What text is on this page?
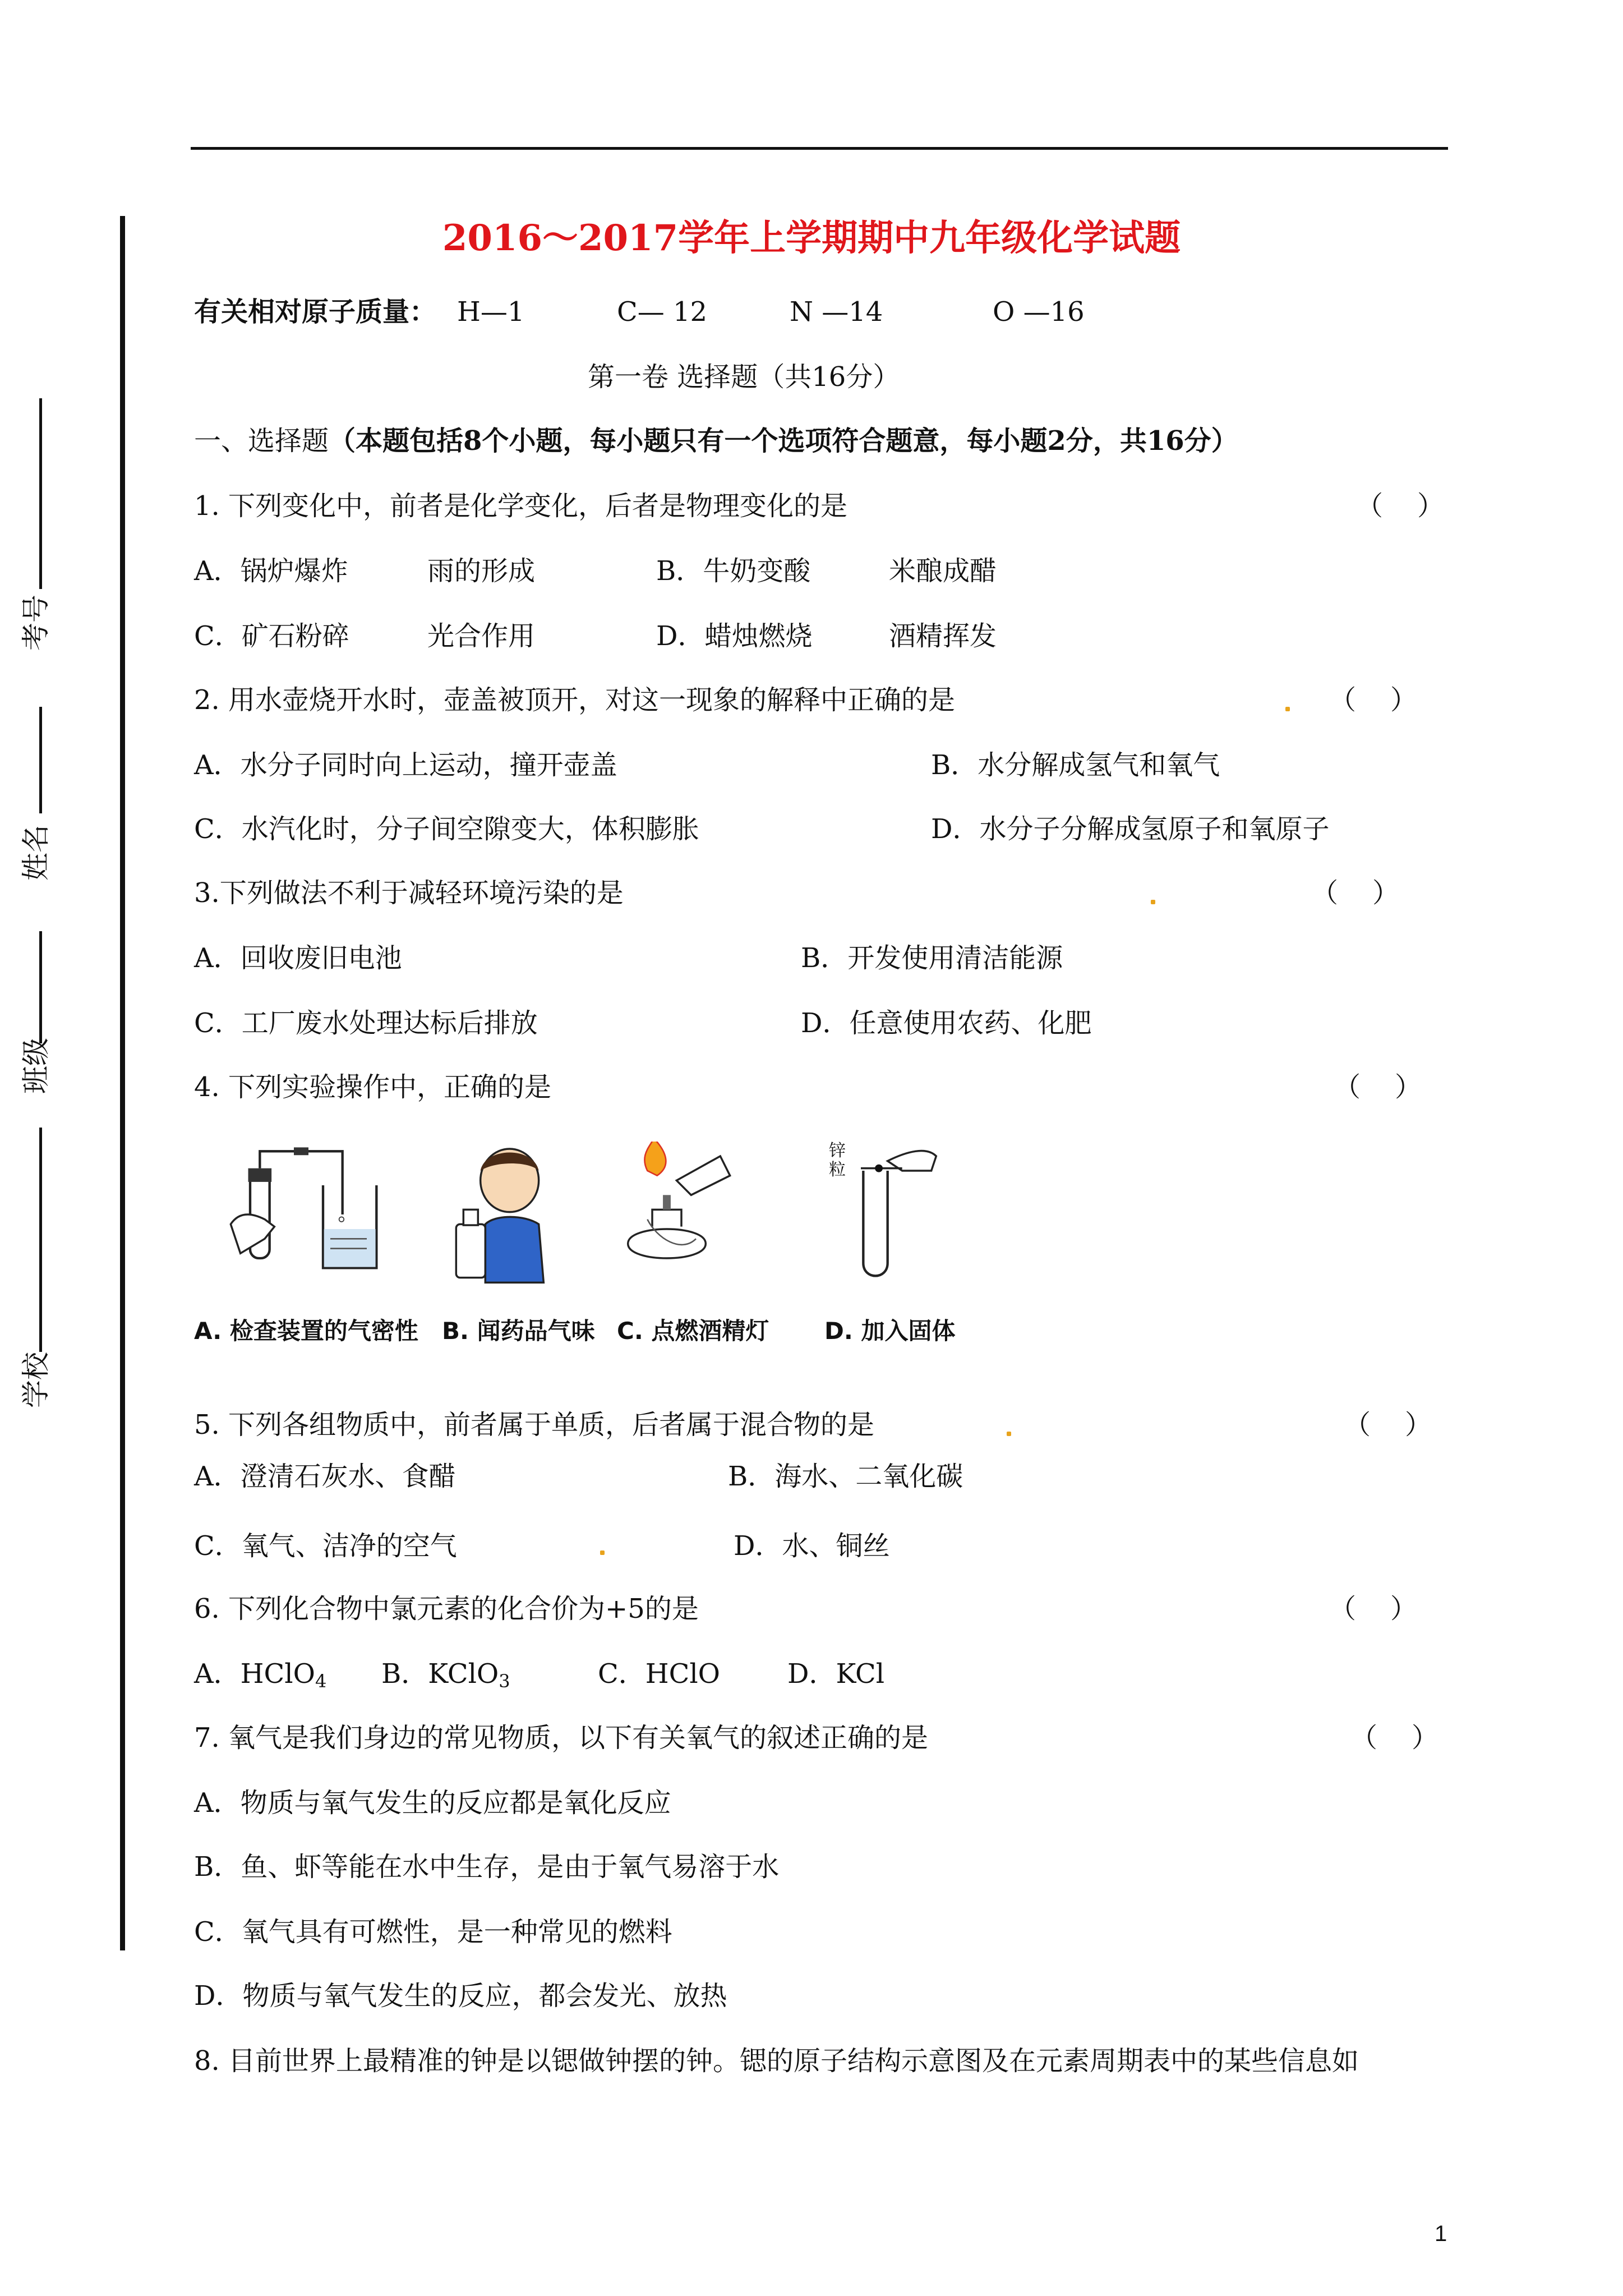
考号
姓名
班级
学校
2016～2017学年上学期期中九年级化学试题
有关相对原子质量： H—1	C— 12	N —14	O —16
第一卷 选择题（共16分）
一、选择题（本题包括8个小题，每小题只有一个选项符合题意，每小题2分，共16分）
1. 下列变化中，前者是化学变化，后者是物理变化的是	（    ）
A．锅炉爆炸	雨的形成	B．牛奶变酸	米酿成醋
C．矿石粉碎	光合作用	D．蜡烛燃烧	酒精挥发
2. 用水壶烧开水时，壶盖被顶开，对这一现象的解释中正确的是	（    ）
A．水分子同时向上运动，撞开壶盖	B．水分解成氢气和氧气
C．水汽化时，分子间空隙变大，体积膨胀	D．水分子分解成氢原子和氧原子
3.下列做法不利于减轻环境污染的是	（    ）
A．回收废旧电池	B．开发使用清洁能源
C．工厂废水处理达标后排放	D．任意使用农药、化肥
4. 下列实验操作中，正确的是	（    ）
锌粒
A. 检查装置的气密性 B. 闻药品气味 C. 点燃酒精灯 D. 加入固体
5. 下列各组物质中，前者属于单质，后者属于混合物的是	（    ）
A．澄清石灰水、食醋	B．海水、二氧化碳
C．氧气、洁净的空气	D．水、铜丝
6. 下列化合物中氯元素的化合价为+5的是	（    ）
A．HClO$_4$ B．KClO$_3$	C．HClO D．KCl
7. 氧气是我们身边的常见物质，以下有关氧气的叙述正确的是	（    ）
A．物质与氧气发生的反应都是氧化反应
B．鱼、虾等能在水中生存，是由于氧气易溶于水
C．氧气具有可燃性，是一种常见的燃料
D．物质与氧气发生的反应，都会发光、放热
8. 目前世界上最精准的钟是以锶做钟摆的钟。锶的原子结构示意图及在元素周期表中的某些信息如
1
